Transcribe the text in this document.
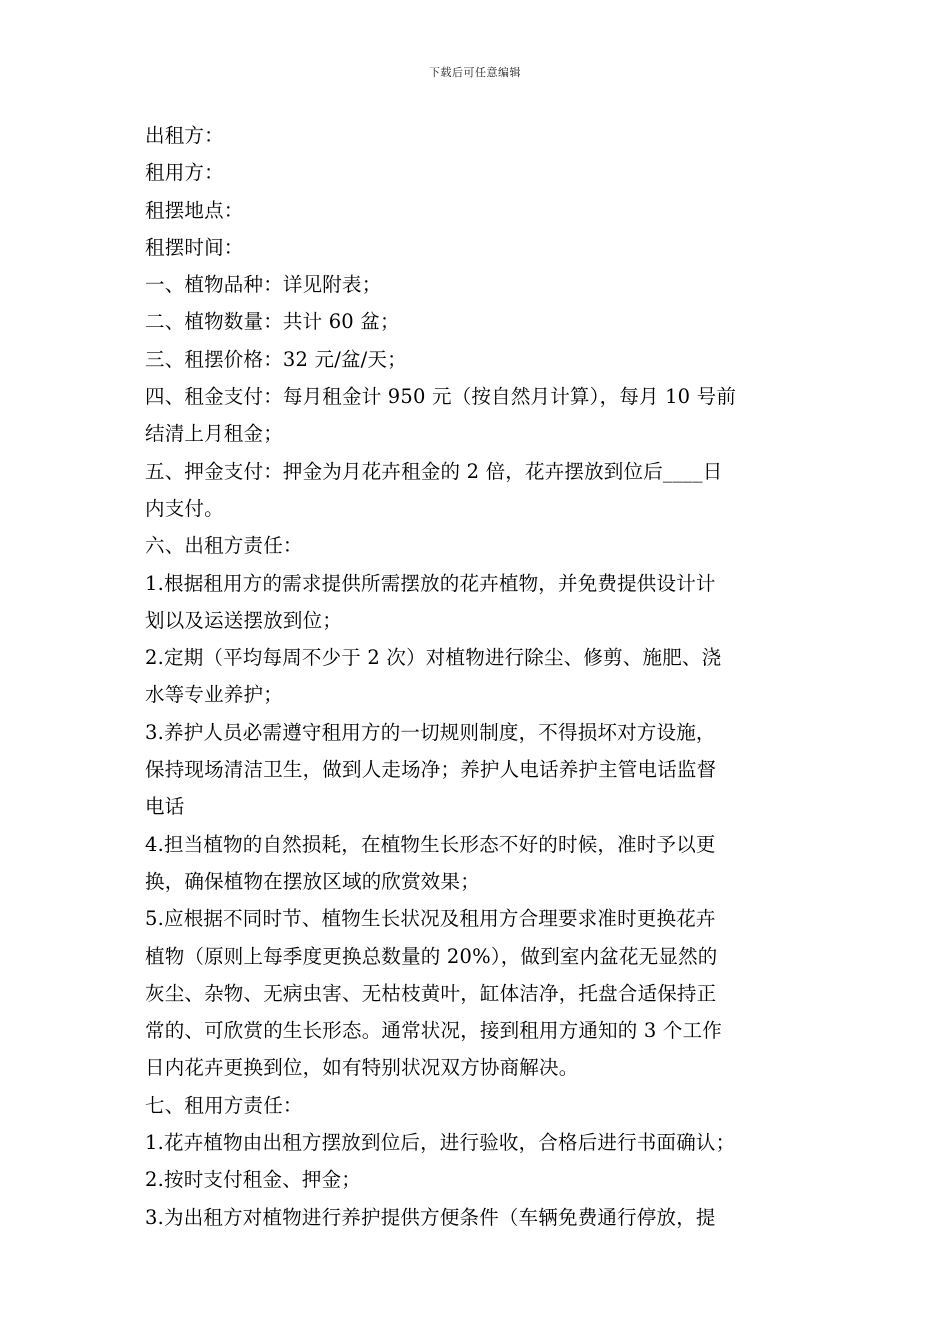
下载后可任意编辑
出租方：
租用方：
租摆地点：
租摆时间：
一、植物品种：详见附表；
二、植物数量：共计 60 盆；
三、租摆价格：32 元/盆/天；
四、租金支付：每月租金计 950 元（按自然月计算），每月 10 号前
结清上月租金；
五、押金支付：押金为月花卉租金的 2 倍，花卉摆放到位后____日
内支付。
六、出租方责任：
1.根据租用方的需求提供所需摆放的花卉植物，并免费提供设计计
划以及运送摆放到位；
2.定期（平均每周不少于 2 次）对植物进行除尘、修剪、施肥、浇
水等专业养护；
3.养护人员必需遵守租用方的一切规则制度，不得损坏对方设施，
保持现场清洁卫生，做到人走场净；养护人电话养护主管电话监督
电话
4.担当植物的自然损耗，在植物生长形态不好的时候，准时予以更
换，确保植物在摆放区域的欣赏效果；
5.应根据不同时节、植物生长状况及租用方合理要求准时更换花卉
植物（原则上每季度更换总数量的 20%），做到室内盆花无显然的
灰尘、杂物、无病虫害、无枯枝黄叶，缸体洁净，托盘合适保持正
常的、可欣赏的生长形态。通常状况，接到租用方通知的 3 个工作
日内花卉更换到位，如有特别状况双方协商解决。
七、租用方责任：
1.花卉植物由出租方摆放到位后，进行验收，合格后进行书面确认；
2.按时支付租金、押金；
3.为出租方对植物进行养护提供方便条件（车辆免费通行停放，提
